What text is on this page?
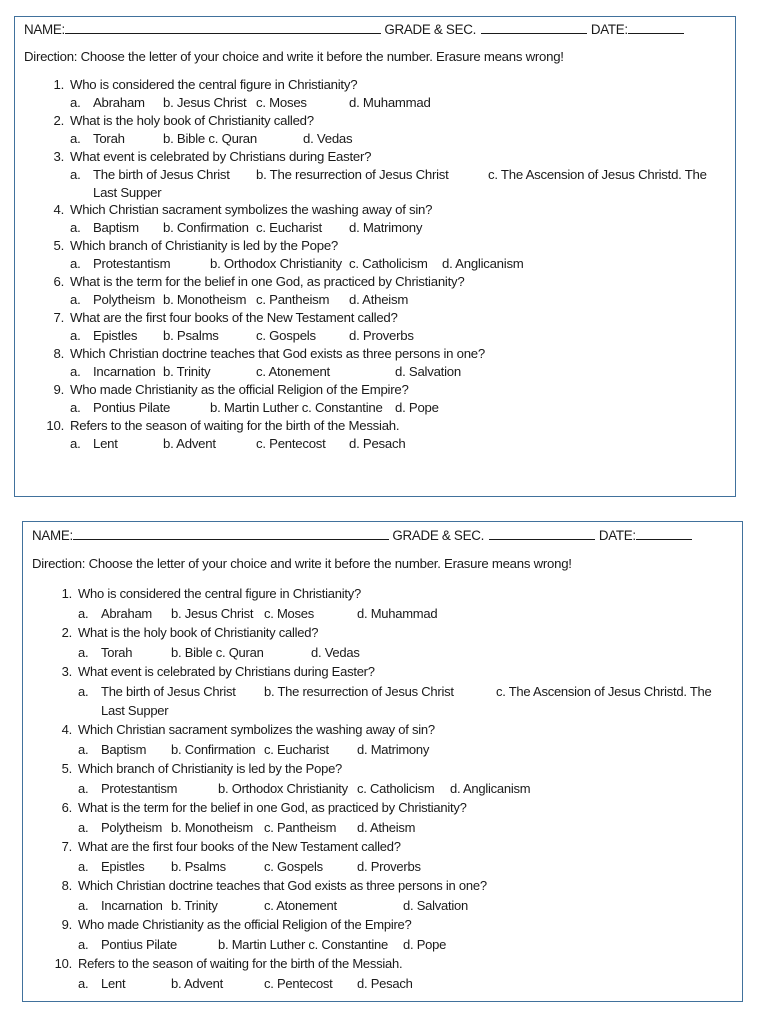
NAME:	GRADE & SEC.	DATE:
Direction: Choose the letter of your choice and write it before the number. Erasure means wrong!
1. Who is considered the central figure in Christianity?
a. Abraham b. Jesus Christ c. Moses	d. Muhammad
2. What is the holy book of Christianity called?
a. Torah	b. Bible c. Quran	d. Vedas
3. What event is celebrated by Christians during Easter?
a. The birth of Jesus Christ b. The resurrection of Jesus Christ	c. The Ascension of Jesus Christd. The
Last Supper
4. Which Christian sacrament symbolizes the washing away of sin?
a. Baptism b. Confirmation c. Eucharist d. Matrimony
5. Which branch of Christianity is led by the Pope?
a. Protestantism	b. Orthodox Christianity c. Catholicism d. Anglicanism
6. What is the term for the belief in one God, as practiced by Christianity?
a. Polytheism b. Monotheism c. Pantheism d. Atheism
7. What are the first four books of the New Testament called?
a. Epistles b. Psalms	c. Gospels	d. Proverbs
8. Which Christian doctrine teaches that God exists as three persons in one?
a. Incarnation b. Trinity	c. Atonement	d. Salvation
9. Who made Christianity as the official Religion of the Empire?
a. Pontius Pilate	b. Martin Luther c. Constantine d. Pope
10. Refers to the season of waiting for the birth of the Messiah.
a. Lent	b. Advent	c. Pentecost d. Pesach
NAME:	GRADE & SEC.	DATE:
Direction: Choose the letter of your choice and write it before the number. Erasure means wrong!
1. Who is considered the central figure in Christianity?
a. Abraham b. Jesus Christ c. Moses	d. Muhammad
2. What is the holy book of Christianity called?
a. Torah	b. Bible c. Quran	d. Vedas
3. What event is celebrated by Christians during Easter?
a. The birth of Jesus Christ b. The resurrection of Jesus Christ	c. The Ascension of Jesus Christd. The
Last Supper
4. Which Christian sacrament symbolizes the washing away of sin?
a. Baptism b. Confirmation c. Eucharist d. Matrimony
5. Which branch of Christianity is led by the Pope?
a. Protestantism	b. Orthodox Christianity c. Catholicism d. Anglicanism
6. What is the term for the belief in one God, as practiced by Christianity?
a. Polytheism b. Monotheism c. Pantheism d. Atheism
7. What are the first four books of the New Testament called?
a. Epistles b. Psalms	c. Gospels	d. Proverbs
8. Which Christian doctrine teaches that God exists as three persons in one?
a. Incarnation b. Trinity	c. Atonement	d. Salvation
9. Who made Christianity as the official Religion of the Empire?
a. Pontius Pilate	b. Martin Luther c. Constantine d. Pope
10. Refers to the season of waiting for the birth of the Messiah.
a. Lent	b. Advent	c. Pentecost d. Pesach
